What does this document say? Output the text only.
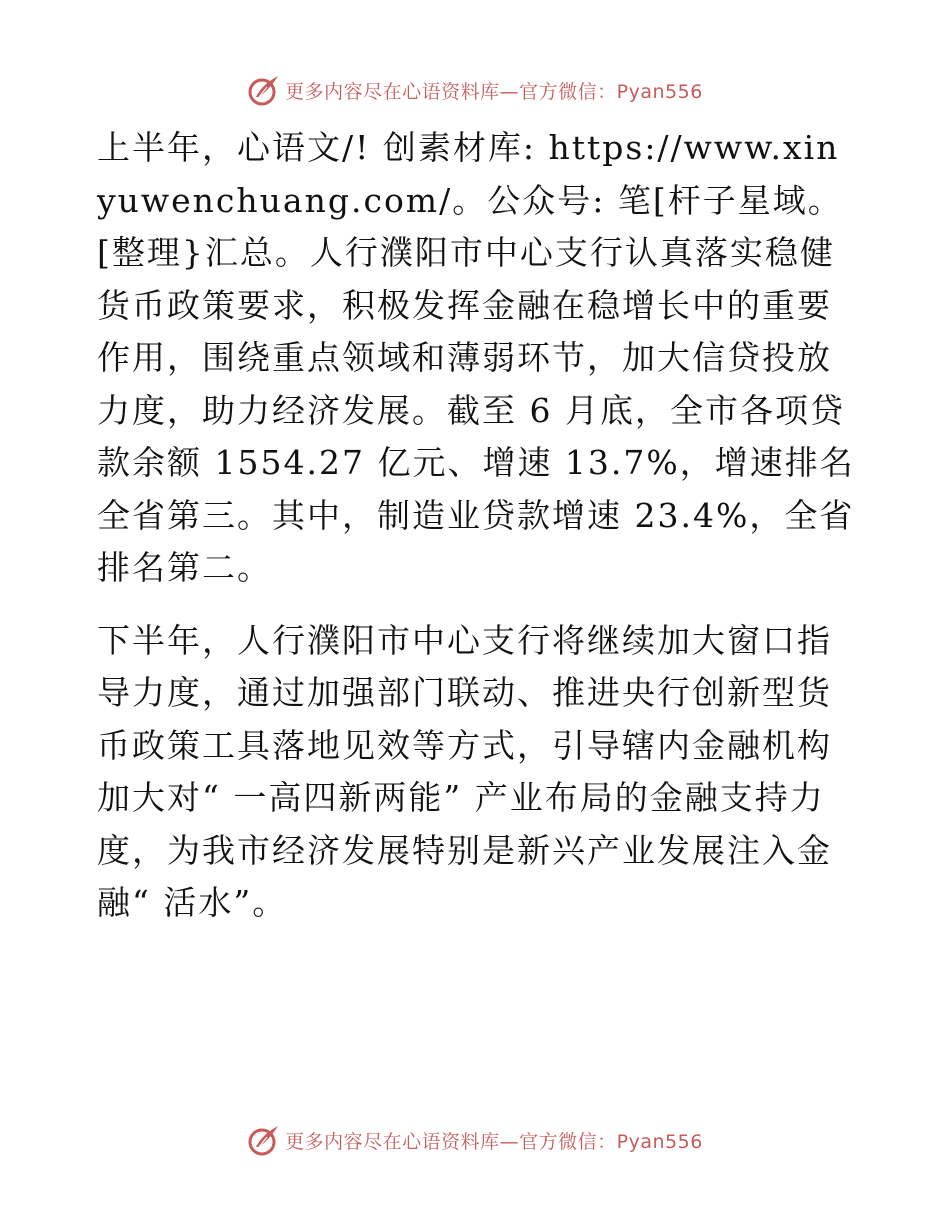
更多内容尽在心语资料库—官方微信：Pyan556

上半年，心语文/! 创素材库: https://www.xinyuwenchuang.com/。公众号: 笔[杆子星域。[整理}汇总。人行濮阳市中心支行认真落实稳健货币政策要求，积极发挥金融在稳增长中的重要作用，围绕重点领域和薄弱环节，加大信贷投放力度，助力经济发展。截至 6 月底，全市各项贷款余额 1554.27 亿元、增速 13.7%，增速排名全省第三。其中，制造业贷款增速 23.4%，全省排名第二。

下半年，人行濮阳市中心支行将继续加大窗口指导力度，通过加强部门联动、推进央行创新型货币政策工具落地见效等方式，引导辖内金融机构加大对“ 一高四新两能” 产业布局的金融支持力度，为我市经济发展特别是新兴产业发展注入金融“ 活水”。

更多内容尽在心语资料库—官方微信：Pyan556
